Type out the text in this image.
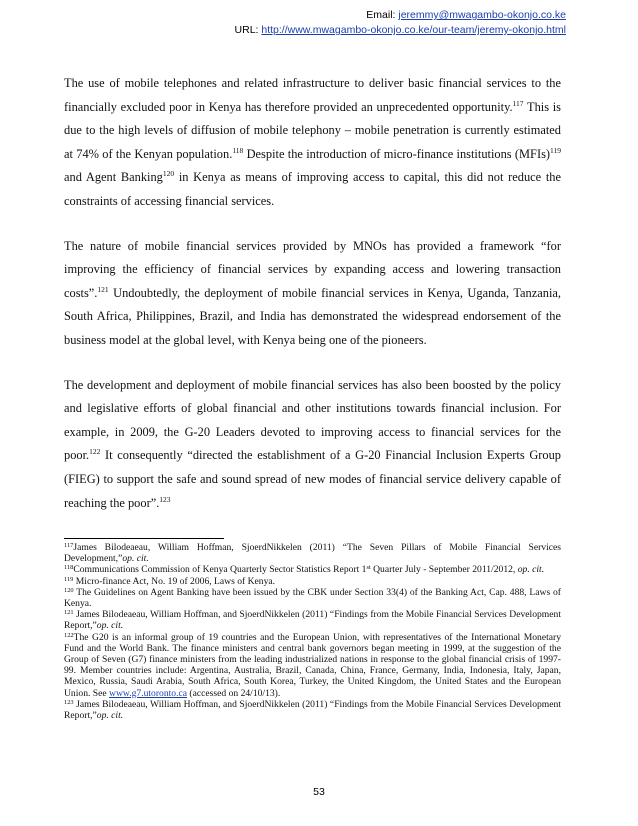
Email: jeremmy@mwagambo-okonjo.co.ke
URL: http://www.mwagambo-okonjo.co.ke/our-team/jeremy-okonjo.html

The use of mobile telephones and related infrastructure to deliver basic financial services to the financially excluded poor in Kenya has therefore provided an unprecedented opportunity.$^{117}$ This is due to the high levels of diffusion of mobile telephony – mobile penetration is currently estimated at 74% of the Kenyan population.$^{118}$ Despite the introduction of micro-finance institutions (MFIs)$^{119}$ and Agent Banking$^{120}$ in Kenya as means of improving access to capital, this did not reduce the constraints of accessing financial services.

The nature of mobile financial services provided by MNOs has provided a framework “for improving the efficiency of financial services by expanding access and lowering transaction costs”.$^{121}$ Undoubtedly, the deployment of mobile financial services in Kenya, Uganda, Tanzania, South Africa, Philippines, Brazil, and India has demonstrated the widespread endorsement of the business model at the global level, with Kenya being one of the pioneers.

The development and deployment of mobile financial services has also been boosted by the policy and legislative efforts of global financial and other institutions towards financial inclusion. For example, in 2009, the G-20 Leaders devoted to improving access to financial services for the poor.$^{122}$ It consequently “directed the establishment of a G-20 Financial Inclusion Experts Group (FIEG) to support the safe and sound spread of new modes of financial service delivery capable of reaching the poor”.$^{123}$

$^{117}$James Bilodeaeau, William Hoffman, SjoerdNikkelen (2011) “The Seven Pillars of Mobile Financial Services Development,”op. cit.

$^{118}$Communications Commission of Kenya Quarterly Sector Statistics Report 1st Quarter July - September 2011/2012, op. cit.

$^{119}$ Micro-finance Act, No. 19 of 2006, Laws of Kenya.

$^{120}$ The Guidelines on Agent Banking have been issued by the CBK under Section 33(4) of the Banking Act, Cap. 488, Laws of Kenya.

$^{121}$ James Bilodeaeau, William Hoffman, and SjoerdNikkelen (2011) “Findings from the Mobile Financial Services Development Report,”op. cit.

$^{122}$The G20 is an informal group of 19 countries and the European Union, with representatives of the International Monetary Fund and the World Bank. The finance ministers and central bank governors began meeting in 1999, at the suggestion of the Group of Seven (G7) finance ministers from the leading industrialized nations in response to the global financial crisis of 1997-99. Member countries include: Argentina, Australia, Brazil, Canada, China, France, Germany, India, Indonesia, Italy, Japan, Mexico, Russia, Saudi Arabia, South Africa, South Korea, Turkey, the United Kingdom, the United States and the European Union. See www.g7.utoronto.ca (accessed on 24/10/13).

$^{123}$ James Bilodeaeau, William Hoffman, and SjoerdNikkelen (2011) “Findings from the Mobile Financial Services Development Report,”op. cit.

53
